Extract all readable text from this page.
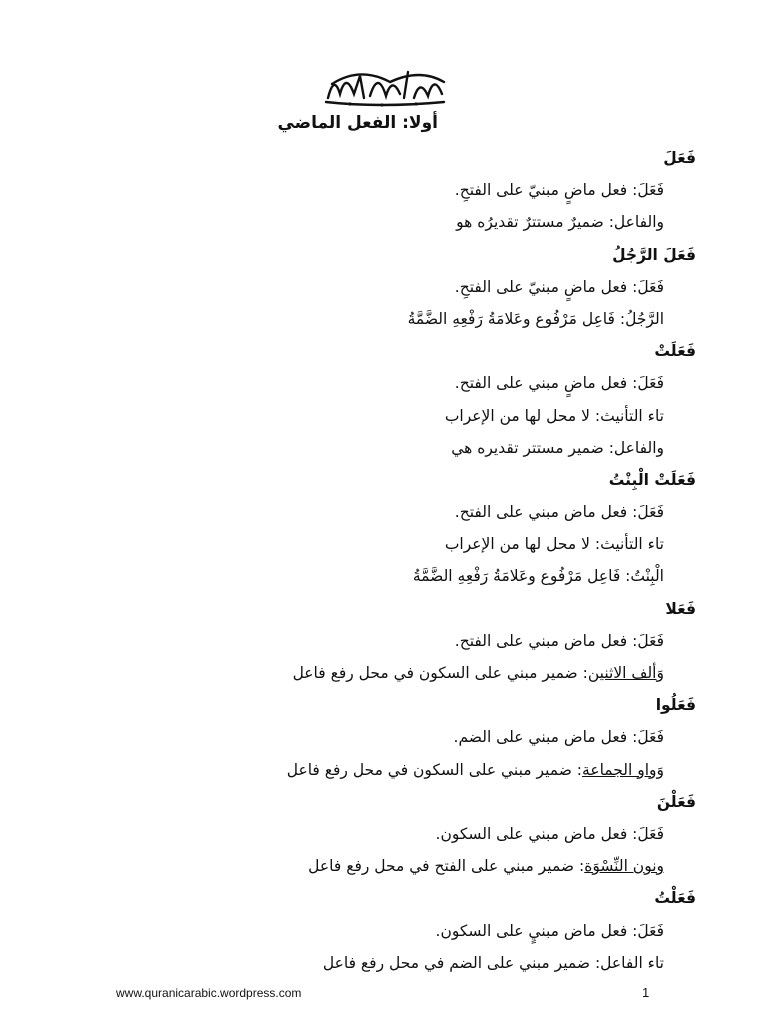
أولا: الفعل الماضي
فَعَلَ
فَعَلَ: فعل ماضٍ مبنيّ على الفتحِ.
والفاعل: ضميرٌ مستترٌ تقديرُه هو
فَعَلَ الرَّجُلُ
فَعَلَ: فعل ماضٍ مبنيّ على الفتحِ.
الرَّجُلُ: فَاعِل مَرْفُوع وعَلامَةُ رَفْعِهِ الضَّمَّةُ
فَعَلَتْ
فَعَلَ: فعل ماضٍ مبني على الفتح.
تاء التأنيث: لا محل لها من الإعراب
والفاعل: ضمير مستتر تقديره هي
فَعَلَتْ الْبِنْتُ
فَعَلَ: فعل ماض مبني على الفتح.
تاء التأنيث: لا محل لها من الإعراب
الْبِنْتُ: فَاعِل مَرْفُوع وعَلامَةُ رَفْعِهِ الضَّمَّةُ
فَعَلا
فَعَلَ: فعل ماض مبني على الفتح.
وَألف الاثنين: ضمير مبني على السكون في محل رفع فاعل
فَعَلُوا
فَعَلَ: فعل ماض مبني على الضم.
وَواو الجماعة: ضمير مبني على السكون في محل رفع فاعل
فَعَلْنَ
فَعَلَ: فعل ماض مبني على السكون.
ونون النِّسْوَة: ضمير مبني على الفتح في محل رفع فاعل
فَعَلْتُ
فَعَلَ: فعل ماض مبنيٍ على السكون.
تاء الفاعل: ضمير مبني على الضم في محل رفع فاعل
www.quranicarabic.wordpress.com	1
